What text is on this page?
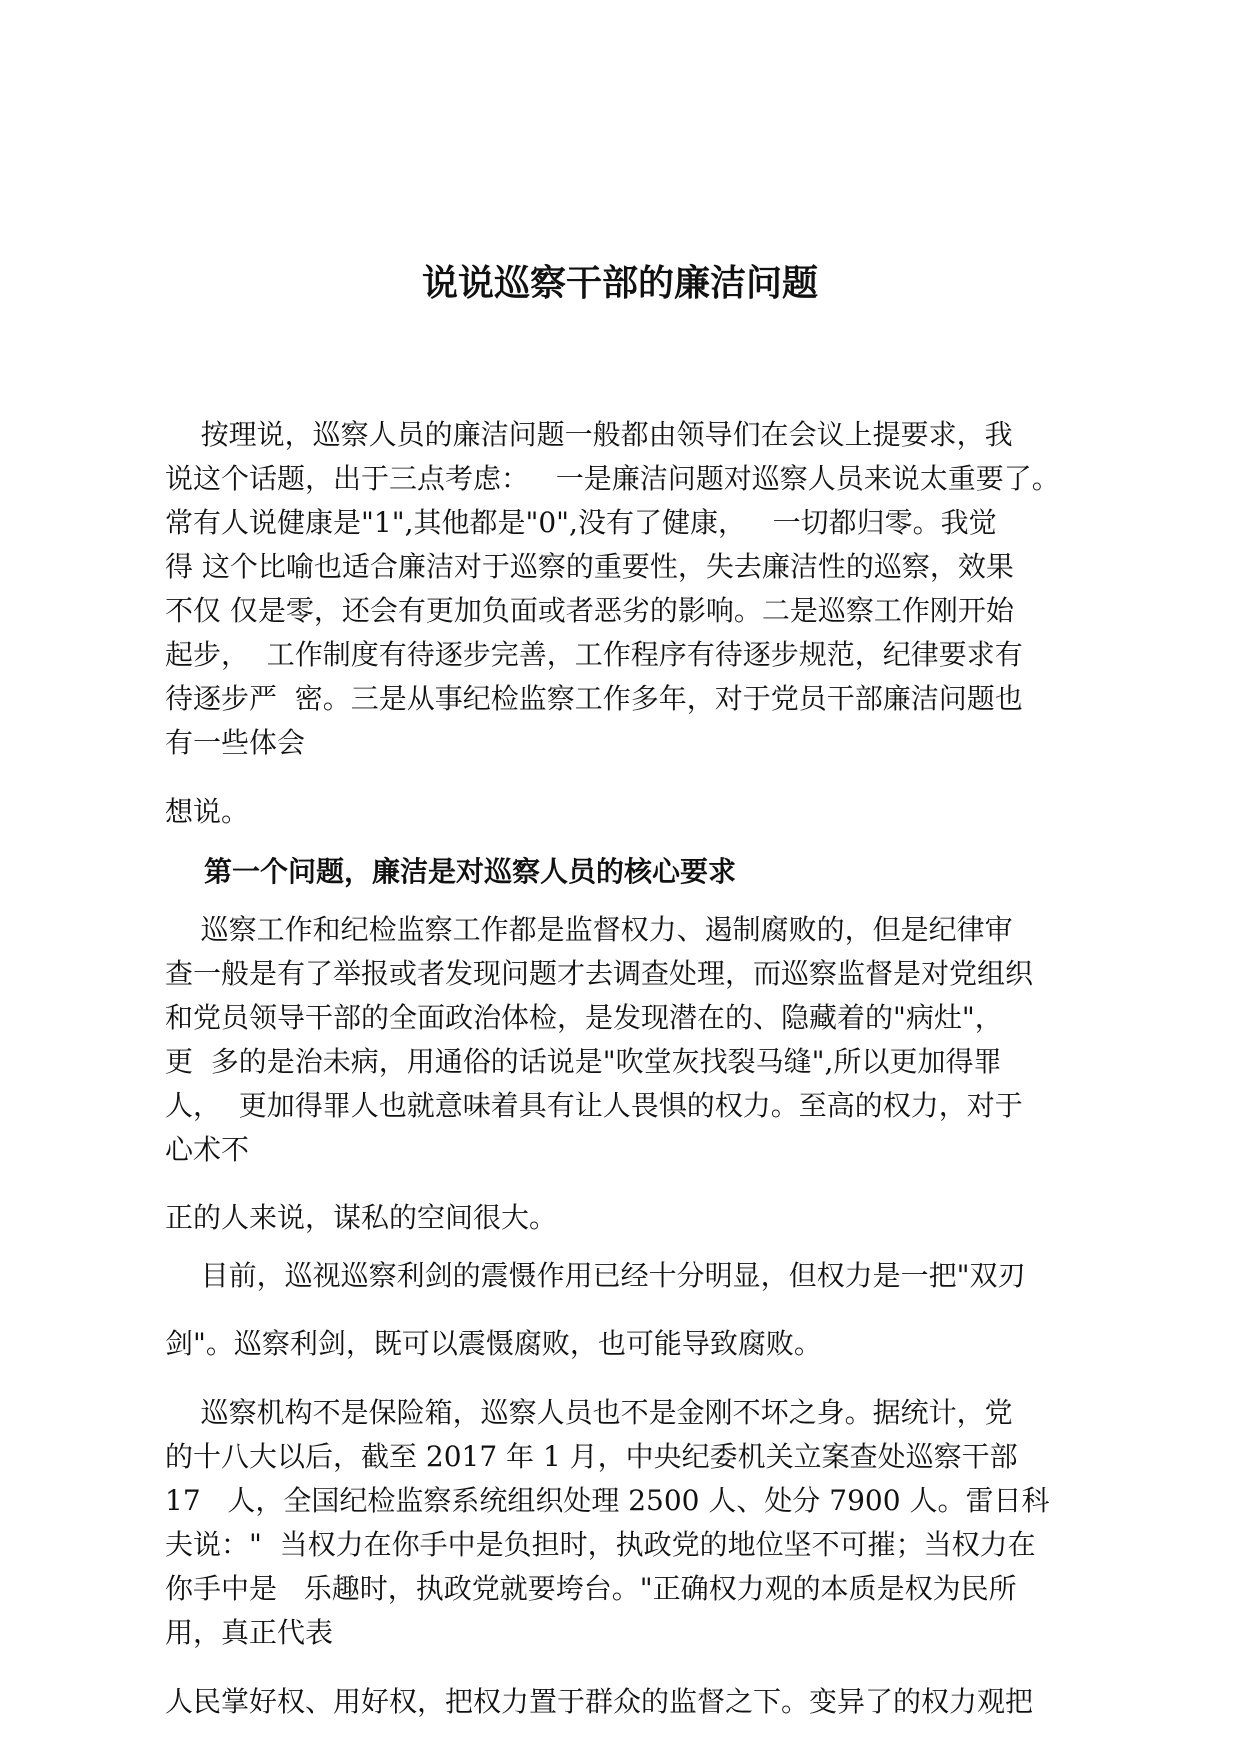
说说巡察干部的廉洁问题
按理说，巡察人员的廉洁问题一般都由领导们在会议上提要求，我
说这个话题，出于三点考虑：   一是廉洁问题对巡察人员来说太重要了。
常有人说健康是"1",其他都是"0",没有了健康，   一切都归零。我觉
得 这个比喻也适合廉洁对于巡察的重要性，失去廉洁性的巡察，效果
不仅 仅是零，还会有更加负面或者恶劣的影响。二是巡察工作刚开始
起步，  工作制度有待逐步完善，工作程序有待逐步规范，纪律要求有
待逐步严  密。三是从事纪检监察工作多年，对于党员干部廉洁问题也
有一些体会
想说。
第一个问题，廉洁是对巡察人员的核心要求
巡察工作和纪检监察工作都是监督权力、遏制腐败的，但是纪律审
查一般是有了举报或者发现问题才去调查处理，而巡察监督是对党组织
和党员领导干部的全面政治体检，是发现潜在的、隐藏着的"病灶"，
更  多的是治未病，用通俗的话说是"吹堂灰找裂马缝",所以更加得罪
人，  更加得罪人也就意味着具有让人畏惧的权力。至高的权力，对于
心术不
正的人来说，谋私的空间很大。
目前，巡视巡察利剑的震慑作用已经十分明显，但权力是一把"双刃
剑"。巡察利剑，既可以震慑腐败，也可能导致腐败。
巡察机构不是保险箱，巡察人员也不是金刚不坏之身。据统计，党
的十八大以后，截至 2017 年 1 月，中央纪委机关立案查处巡察干部
17   人，全国纪检监察系统组织处理 2500 人、处分 7900 人。雷日科
夫说："  当权力在你手中是负担时，执政党的地位坚不可摧；当权力在
你手中是   乐趣时，执政党就要垮台。"正确权力观的本质是权为民所
用，真正代表
人民掌好权、用好权，把权力置于群众的监督之下。变异了的权力观把
